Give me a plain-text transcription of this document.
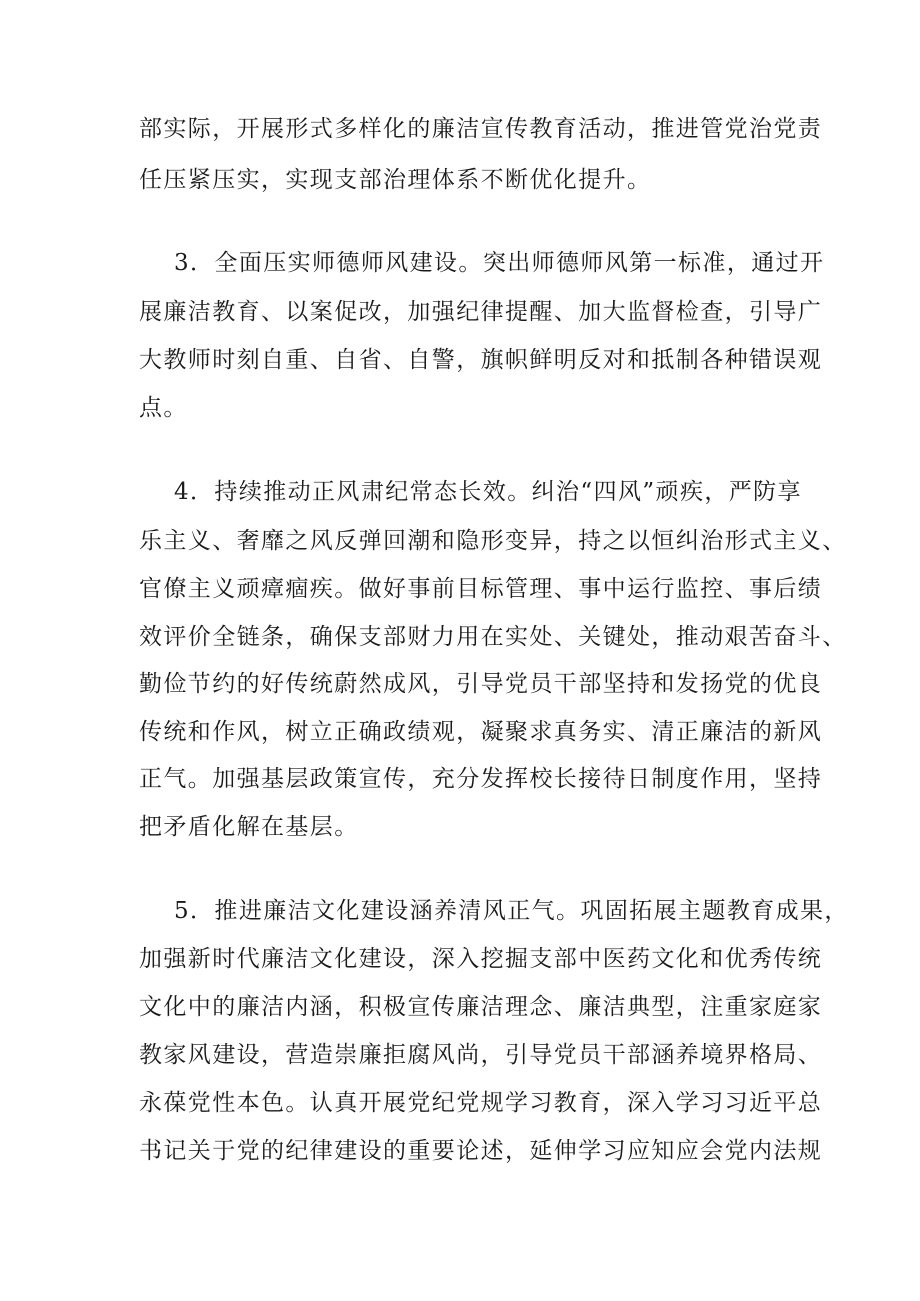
部实际，开展形式多样化的廉洁宣传教育活动，推进管党治党责
任压紧压实，实现支部治理体系不断优化提升。
3．全面压实师德师风建设。突出师德师风第一标准，通过开
展廉洁教育、以案促改，加强纪律提醒、加大监督检查，引导广
大教师时刻自重、自省、自警，旗帜鲜明反对和抵制各种错误观
点。
4．持续推动正风肃纪常态长效。纠治“四风”顽疾，严防享
乐主义、奢靡之风反弹回潮和隐形变异，持之以恒纠治形式主义、
官僚主义顽瘴痼疾。做好事前目标管理、事中运行监控、事后绩
效评价全链条，确保支部财力用在实处、关键处，推动艰苦奋斗、
勤俭节约的好传统蔚然成风，引导党员干部坚持和发扬党的优良
传统和作风，树立正确政绩观，凝聚求真务实、清正廉洁的新风
正气。加强基层政策宣传，充分发挥校长接待日制度作用，坚持
把矛盾化解在基层。
5．推进廉洁文化建设涵养清风正气。巩固拓展主题教育成果，
加强新时代廉洁文化建设，深入挖掘支部中医药文化和优秀传统
文化中的廉洁内涵，积极宣传廉洁理念、廉洁典型，注重家庭家
教家风建设，营造崇廉拒腐风尚，引导党员干部涵养境界格局、
永葆党性本色。认真开展党纪党规学习教育，深入学习习近平总
书记关于党的纪律建设的重要论述，延伸学习应知应会党内法规
